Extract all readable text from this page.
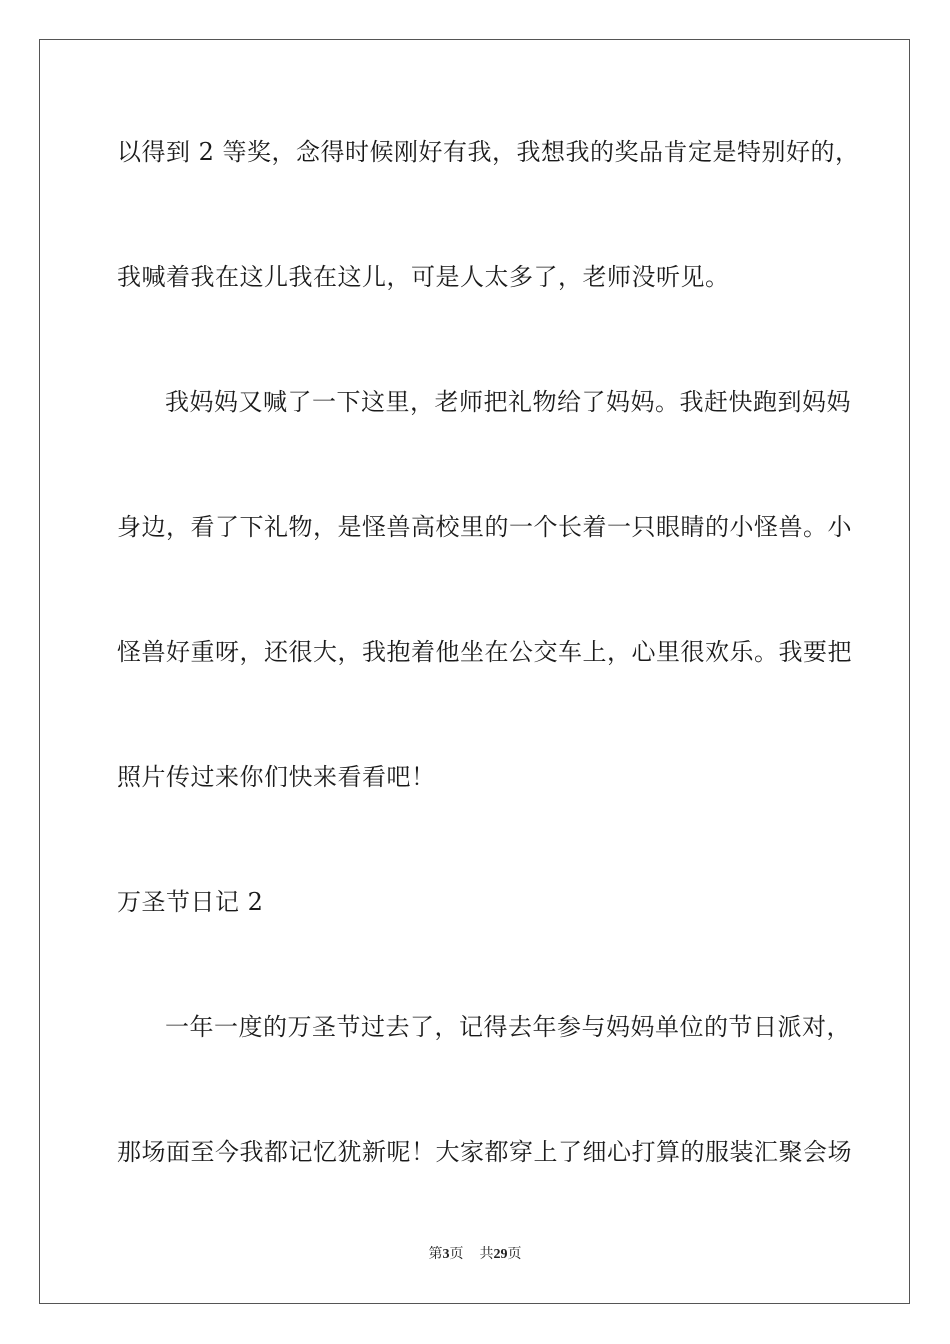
以得到 2 等奖，念得时候刚好有我，我想我的奖品肯定是特别好的，
我喊着我在这儿我在这儿，可是人太多了，老师没听见。
我妈妈又喊了一下这里，老师把礼物给了妈妈。我赶快跑到妈妈
身边，看了下礼物，是怪兽高校里的一个长着一只眼睛的小怪兽。小
怪兽好重呀，还很大，我抱着他坐在公交车上，心里很欢乐。我要把
照片传过来你们快来看看吧！
万圣节日记 2
一年一度的万圣节过去了，记得去年参与妈妈单位的节日派对，
那场面至今我都记忆犹新呢！大家都穿上了细心打算的服装汇聚会场
第3页 共29页
